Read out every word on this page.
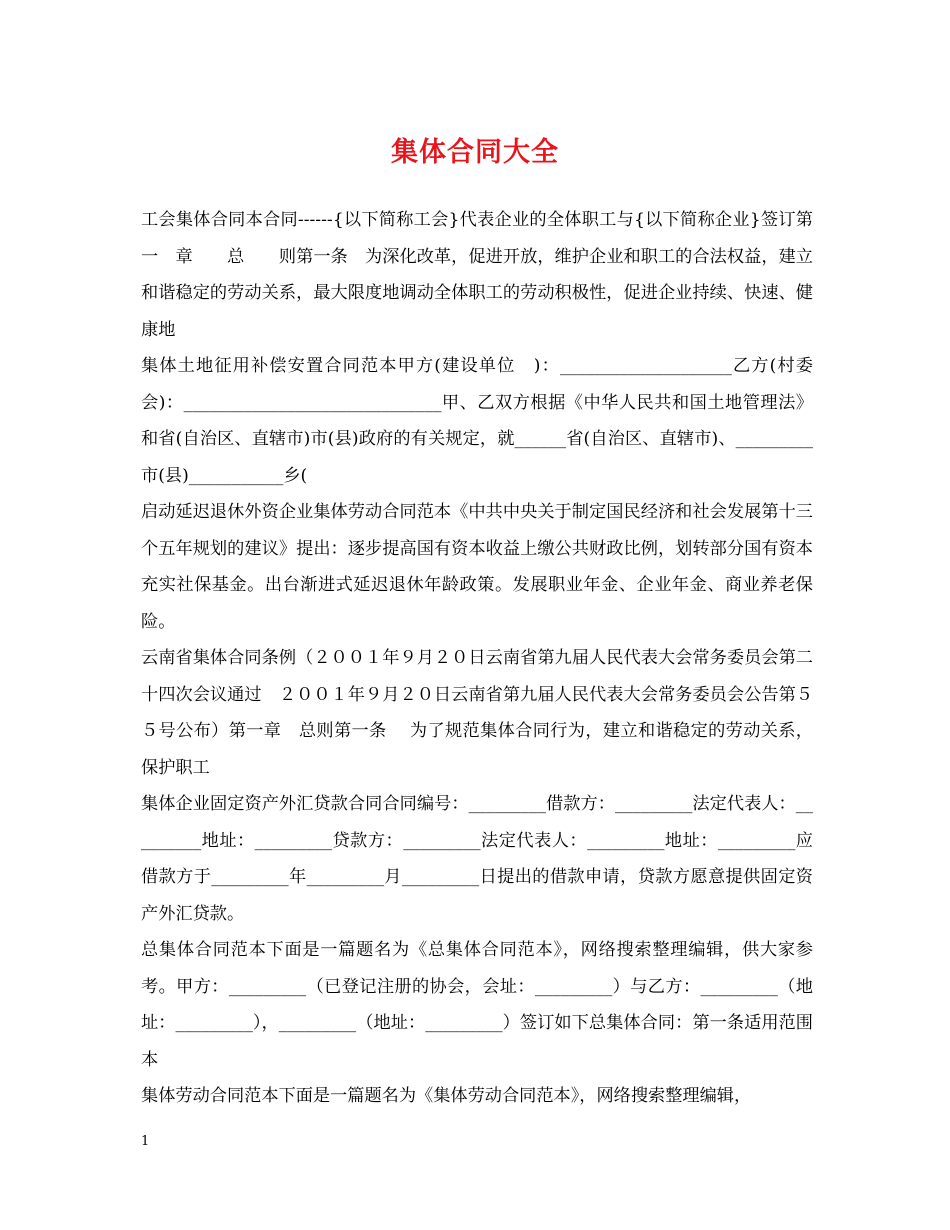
集体合同大全

工会集体合同本合同------{以下简称工会}代表企业的全体职工与{以下简称企业}签订第　一　章　　总　　则第一条　为深化改革，促进开放，维护企业和职工的合法权益，建立和谐稳定的劳动关系，最大限度地调动全体职工的劳动积极性，促进企业持续、快速、健康地

集体土地征用补偿安置合同范本甲方(建设单位　)：____________________乙方(村委会)：______________________________甲、乙双方根据《中华人民共和国土地管理法》和省(自治区、直辖市)市(县)政府的有关规定，就______省(自治区、直辖市)、_________市(县)___________乡(

启动延迟退休外资企业集体劳动合同范本《中共中央关于制定国民经济和社会发展第十三个五年规划的建议》提出：逐步提高国有资本收益上缴公共财政比例，划转部分国有资本充实社保基金。出台渐进式延迟退休年龄政策。发展职业年金、企业年金、商业养老保险。

云南省集体合同条例（２００１年９月２０日云南省第九届人民代表大会常务委员会第二十四次会议通过　２００１年９月２０日云南省第九届人民代表大会常务委员会公告第５５号公布）第一章　总则第一条　 为了规范集体合同行为，建立和谐稳定的劳动关系，保护职工

集体企业固定资产外汇贷款合同合同编号：_________借款方：_________法定代表人：_________地址：_________贷款方：_________法定代表人：_________地址：_________应借款方于_________年_________月_________日提出的借款申请，贷款方愿意提供固定资产外汇贷款。

总集体合同范本下面是一篇题名为《总集体合同范本》，网络搜索整理编辑，供大家参考。甲方：_________（已登记注册的协会，会址：_________）与乙方：_________（地址：_________），_________（地址：_________）签订如下总集体合同：第一条适用范围本

集体劳动合同范本下面是一篇题名为《集体劳动合同范本》，网络搜索整理编辑，

1
